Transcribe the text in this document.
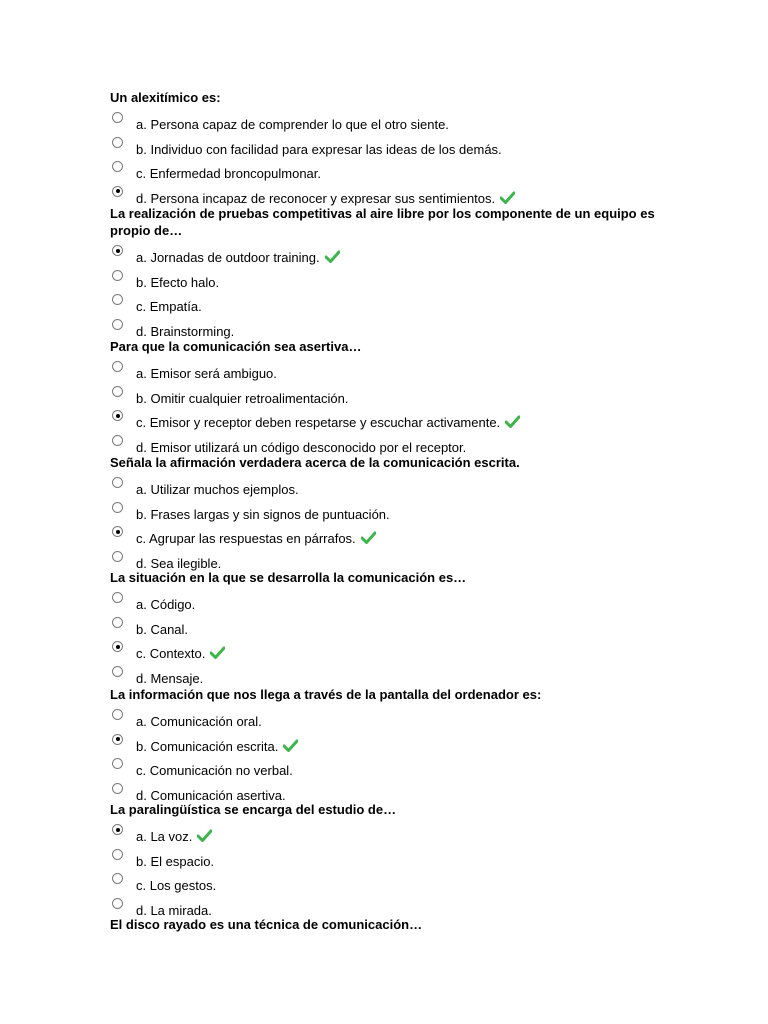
Un alexitímico es:
a. Persona capaz de comprender lo que el otro siente.
b. Individuo con facilidad para expresar las ideas de los demás.
c. Enfermedad broncopulmonar.
d. Persona incapaz de reconocer y expresar sus sentimientos.
La realización de pruebas competitivas al aire libre por los componente de un equipo es propio de…
a. Jornadas de outdoor training.
b. Efecto halo.
c. Empatía.
d. Brainstorming.
Para que la comunicación sea asertiva…
a. Emisor será ambiguo.
b. Omitir cualquier retroalimentación.
c. Emisor y receptor deben respetarse y escuchar activamente.
d. Emisor utilizará un código desconocido por el receptor.
Señala la afirmación verdadera acerca de la comunicación escrita.
a. Utilizar muchos ejemplos.
b. Frases largas y sin signos de puntuación.
c. Agrupar las respuestas en párrafos.
d. Sea ilegible.
La situación en la que se desarrolla la comunicación es…
a. Código.
b. Canal.
c. Contexto.
d. Mensaje.
La información que nos llega a través de la pantalla del ordenador es:
a. Comunicación oral.
b. Comunicación escrita.
c. Comunicación no verbal.
d. Comunicación asertiva.
La paralingüística se encarga del estudio de…
a. La voz.
b. El espacio.
c. Los gestos.
d. La mirada.
El disco rayado es una técnica de comunicación…
